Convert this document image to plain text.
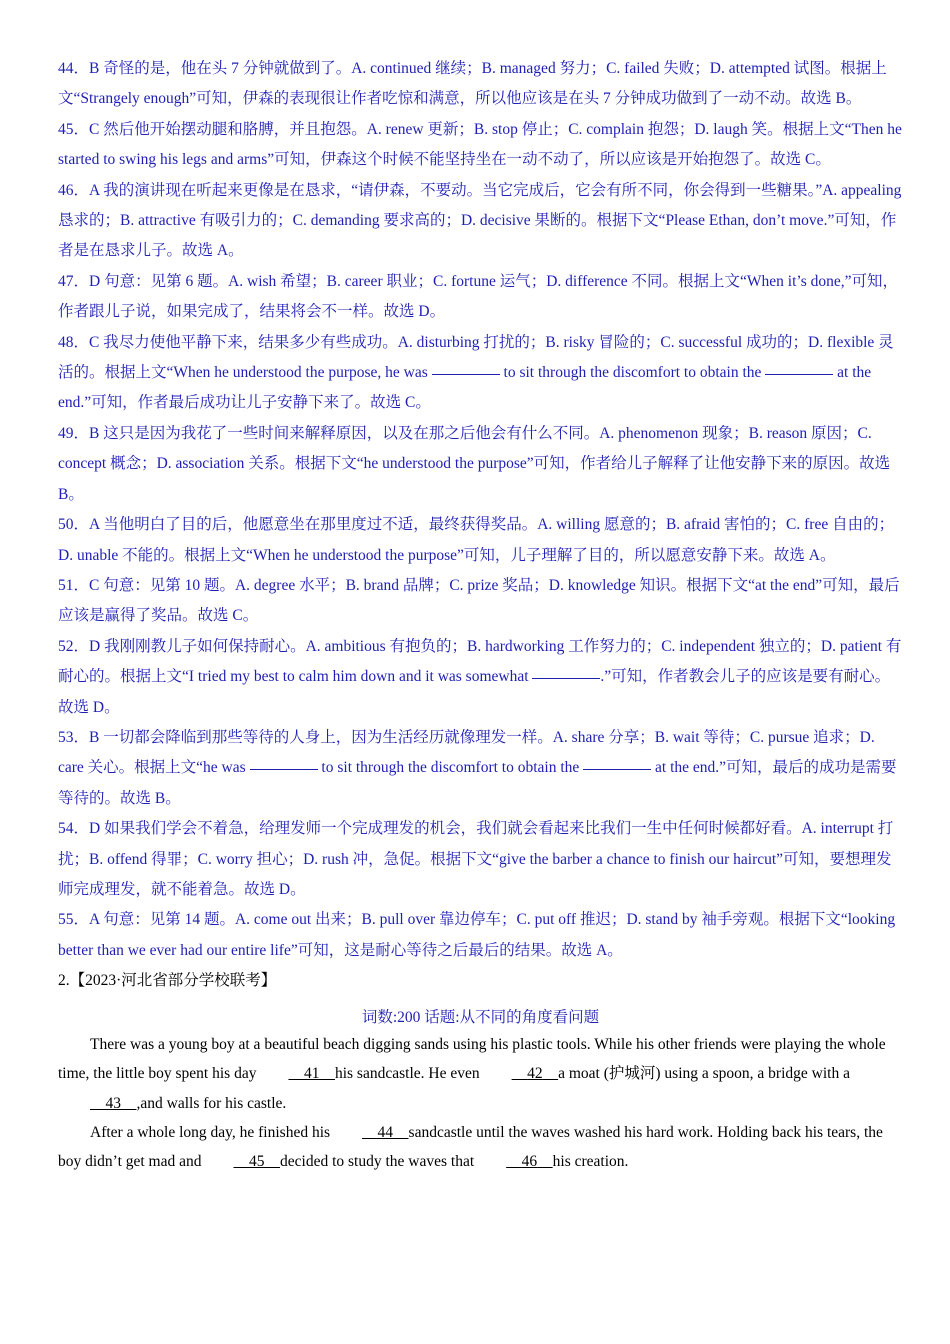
44．B 奇怪的是，他在头 7 分钟就做到了。A. continued 继续；B. managed 努力；C. failed 失败；D. attempted 试图。根据上文“Strangely enough”可知，伊森的表现很让作者吃惊和满意，所以他应该是在头 7 分钟成功做到了一动不动。故选 B。

45．C 然后他开始摆动腿和胳膊，并且抱怨。A. renew 更新；B. stop 停止；C. complain 抱怨；D. laugh 笑。根据上文“Then he started to swing his legs and arms”可知，伊森这个时候不能坚持坐在一动不动了，所以应该是开始抱怨了。故选 C。

46．A 我的演讲现在听起来更像是在恳求，“请伊森，不要动。当它完成后，它会有所不同，你会得到一些糖果。”A. appealing 恳求的；B. attractive 有吸引力的；C. demanding 要求高的；D. decisive 果断的。根据下文“Please Ethan, don’t move.”可知，作者是在恳求儿子。故选 A。

47．D 句意：见第 6 题。A. wish 希望；B. career 职业；C. fortune 运气；D. difference 不同。根据上文“When it’s done,”可知，作者跟儿子说，如果完成了，结果将会不一样。故选 D。

48．C 我尽力使他平静下来，结果多少有些成功。A. disturbing 打扰的；B. risky 冒险的；C. successful 成功的；D. flexible 灵活的。根据上文“When he understood the purpose, he was	to sit through the discomfort to obtain the	at the end.”可知，作者最后成功让儿子安静下来了。故选 C。

49．B 这只是因为我花了一些时间来解释原因，以及在那之后他会有什么不同。A. phenomenon 现象；B. reason 原因；C. concept 概念；D. association 关系。根据下文“he understood the purpose”可知，作者给儿子解释了让他安静下来的原因。故选 B。

50．A 当他明白了目的后，他愿意坐在那里度过不适，最终获得奖品。A. willing 愿意的；B. afraid 害怕的；C. free 自由的；D. unable 不能的。根据上文“When he understood the purpose”可知，儿子理解了目的，所以愿意安静下来。故选 A。

51．C 句意：见第 10 题。A. degree 水平；B. brand 品牌；C. prize 奖品；D. knowledge 知识。根据下文“at the end”可知，最后应该是赢得了奖品。故选 C。

52．D 我刚刚教儿子如何保持耐心。A. ambitious 有抱负的；B. hardworking 工作努力的；C. independent 独立的；D. patient 有耐心的。根据上文“I tried my best to calm him down and it was somewhat	.”可知，作者教会儿子的应该是要有耐心。故选 D。

53．B 一切都会降临到那些等待的人身上，因为生活经历就像理发一样。A. share 分享；B. wait 等待；C. pursue 追求；D. care 关心。根据上文“he was	to sit through the discomfort to obtain the	at the end.”可知，最后的成功是需要等待的。故选 B。

54．D 如果我们学会不着急，给理发师一个完成理发的机会，我们就会看起来比我们一生中任何时候都好看。A. interrupt 打扰；B. offend 得罪；C. worry 担心；D. rush 冲，急促。根据下文“give the barber a chance to finish our haircut”可知，要想理发师完成理发，就不能着急。故选 D。

55．A 句意：见第 14 题。A. come out 出来；B. pull over 靠边停车；C. put off 推迟；D. stand by 袖手旁观。根据下文“looking better than we ever had our entire life”可知，这是耐心等待之后最后的结果。故选 A。

2.【2023·河北省部分学校联考】

词数:200 话题:从不同的角度看问题

There was a young boy at a beautiful beach digging sands using his plastic tools. While his other friends were playing the whole time, the little boy spent his day	41 his sandcastle. He even	42 a moat (护城河) using a spoon, a bridge with a    43 ,and walls for his castle.

After a whole long day, he finished his	44 sandcastle until the waves washed his hard work. Holding back his tears, the boy didn’t get mad and	45 decided to study the waves that	46 his creation.
